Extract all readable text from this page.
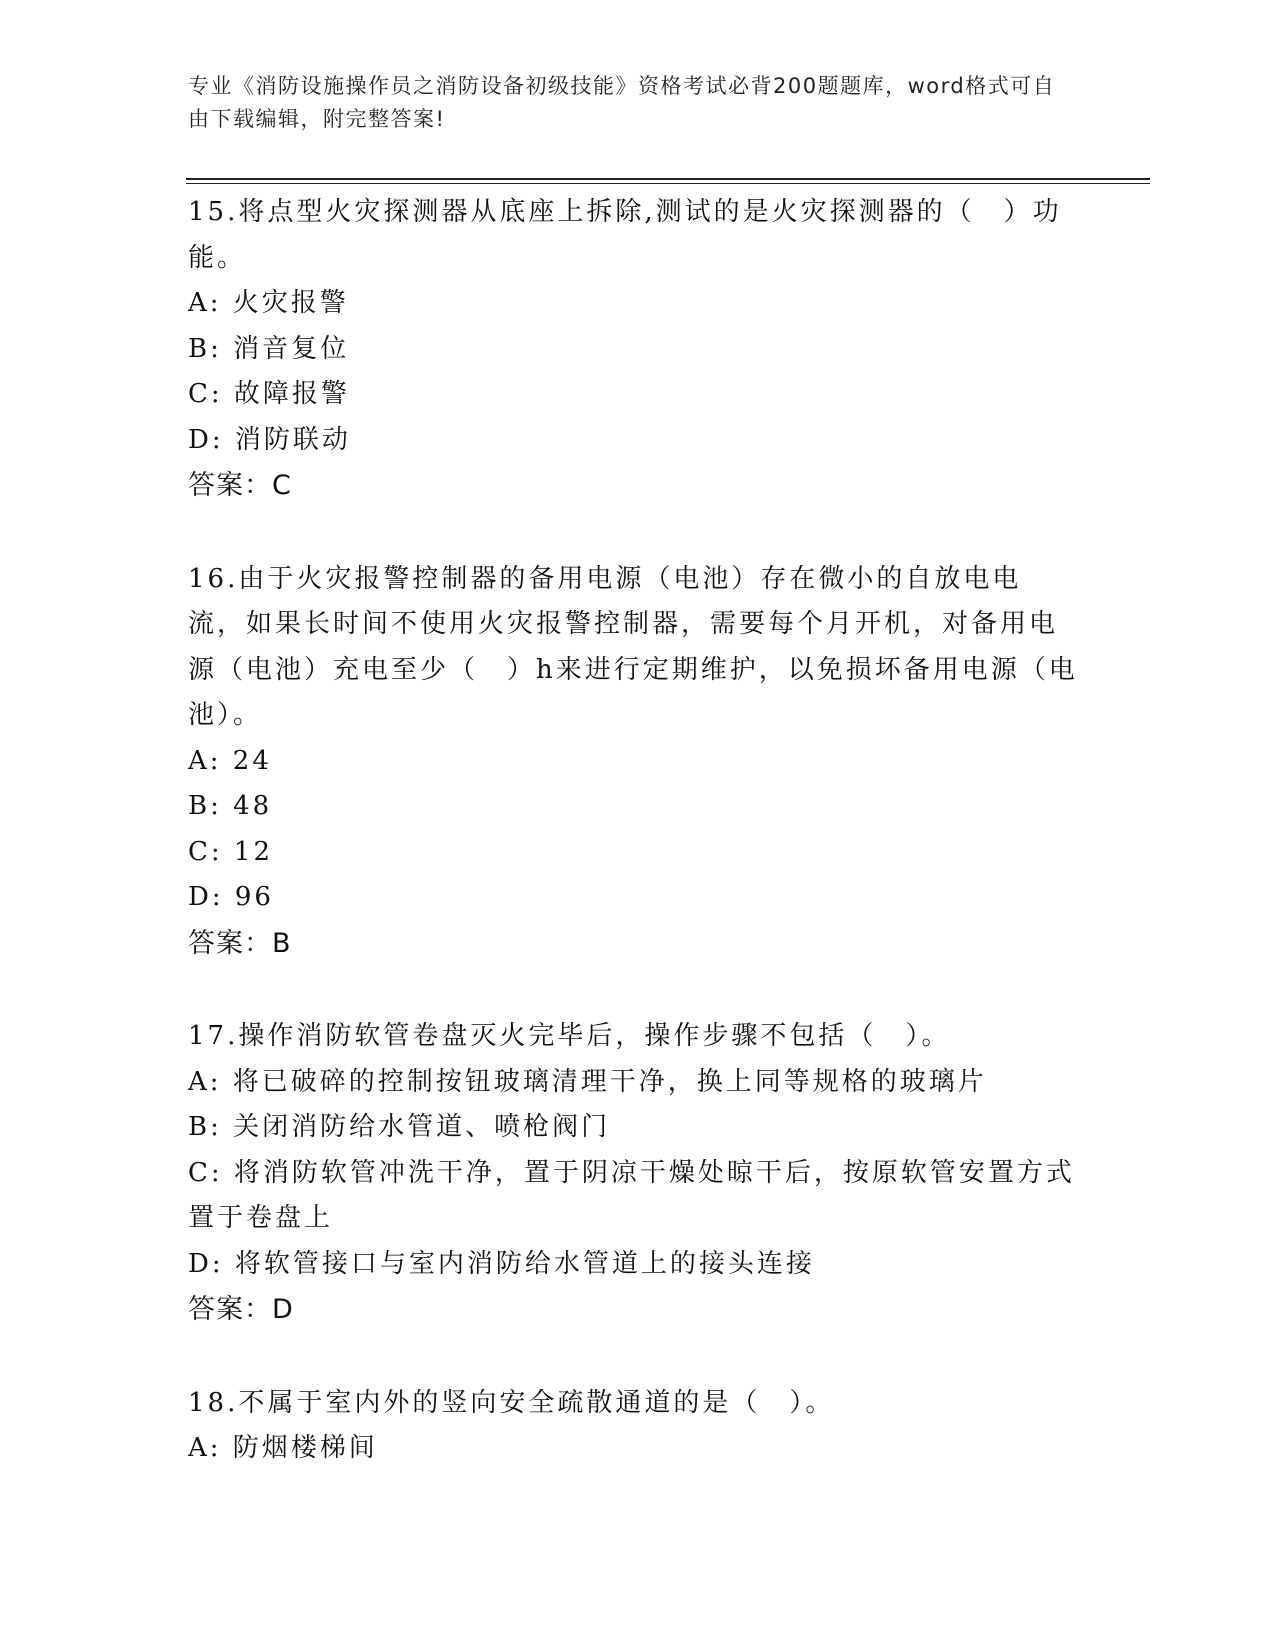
专业《消防设施操作员之消防设备初级技能》资格考试必背200题题库，word格式可自由下载编辑，附完整答案!

15.将点型火灾探测器从底座上拆除,测试的是火灾探测器的（　）功能。

A: 火灾报警
B: 消音复位
C: 故障报警
D: 消防联动

答案：C

16.由于火灾报警控制器的备用电源（电池）存在微小的自放电电流，如果长时间不使用火灾报警控制器，需要每个月开机，对备用电源（电池）充电至少（　）h来进行定期维护，以免损坏备用电源（电池）。

A: 24
B: 48
C: 12
D: 96

答案：B

17.操作消防软管卷盘灭火完毕后，操作步骤不包括（　）。

A: 将已破碎的控制按钮玻璃清理干净，换上同等规格的玻璃片
B: 关闭消防给水管道、喷枪阀门
C: 将消防软管冲洗干净，置于阴凉干燥处晾干后，按原软管安置方式置于卷盘上
D: 将软管接口与室内消防给水管道上的接头连接

答案：D

18.不属于室内外的竖向安全疏散通道的是（　）。

A: 防烟楼梯间
